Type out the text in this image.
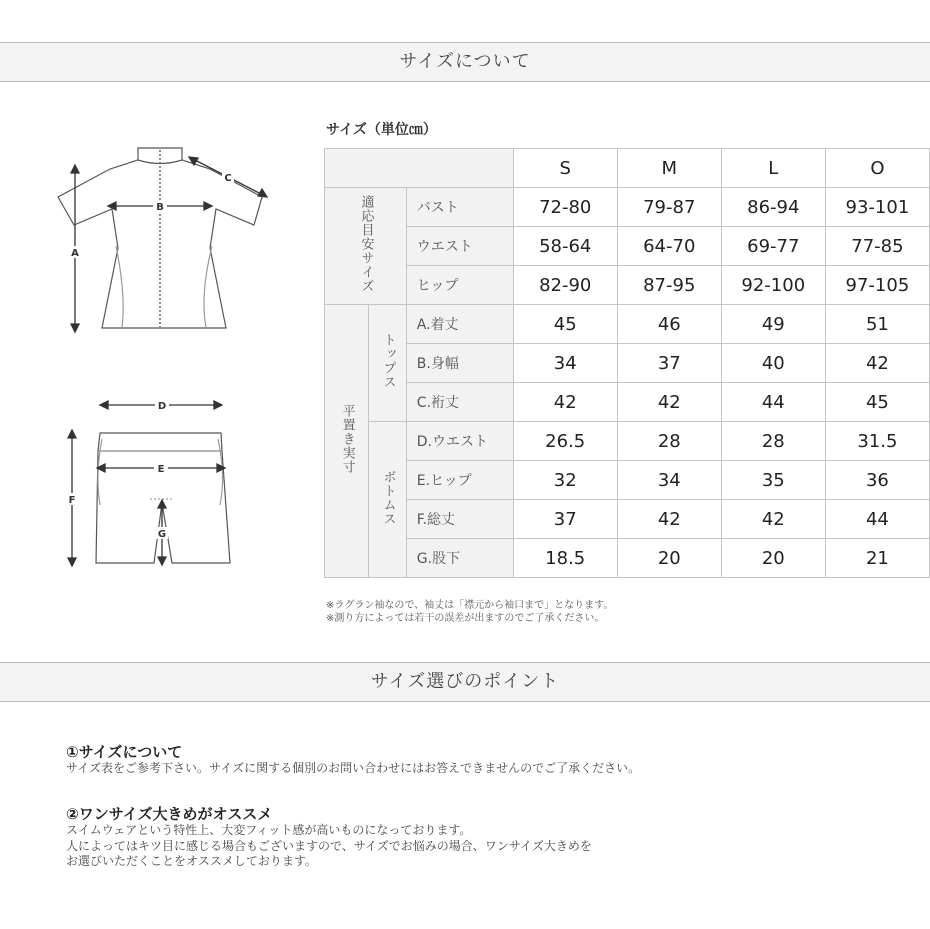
サイズについて
A
B
C
D
E
F
G
サイズ（単位㎝）
			S	M	L	O
適応目安サイズ		バスト	72-80	79-87	86-94	93-101
		ウエスト	58-64	64-70	69-77	77-85
		ヒップ	82-90	87-95	92-100	97-105
平置き実寸	トップス	A.着丈	45	46	49	51
		B.身幅	34	37	40	42
		C.裄丈	42	42	44	45
	ボトムス	D.ウエスト	26.5	28	28	31.5
		E.ヒップ	32	34	35	36
		F.総丈	37	42	42	44
		G.股下	18.5	20	20	21
※ラグラン袖なので、袖丈は「襟元から袖口まで」となります。
※測り方によっては若干の誤差が出ますのでご了承ください。
サイズ選びのポイント
①サイズについて
サイズ表をご参考下さい。サイズに関する個別のお問い合わせにはお答えできませんのでご了承ください。
②ワンサイズ大きめがオススメ
スイムウェアという特性上、大変フィット感が高いものになっております。
人によってはキツ目に感じる場合もございますので、サイズでお悩みの場合、ワンサイズ大きめを
お選びいただくことをオススメしております。
